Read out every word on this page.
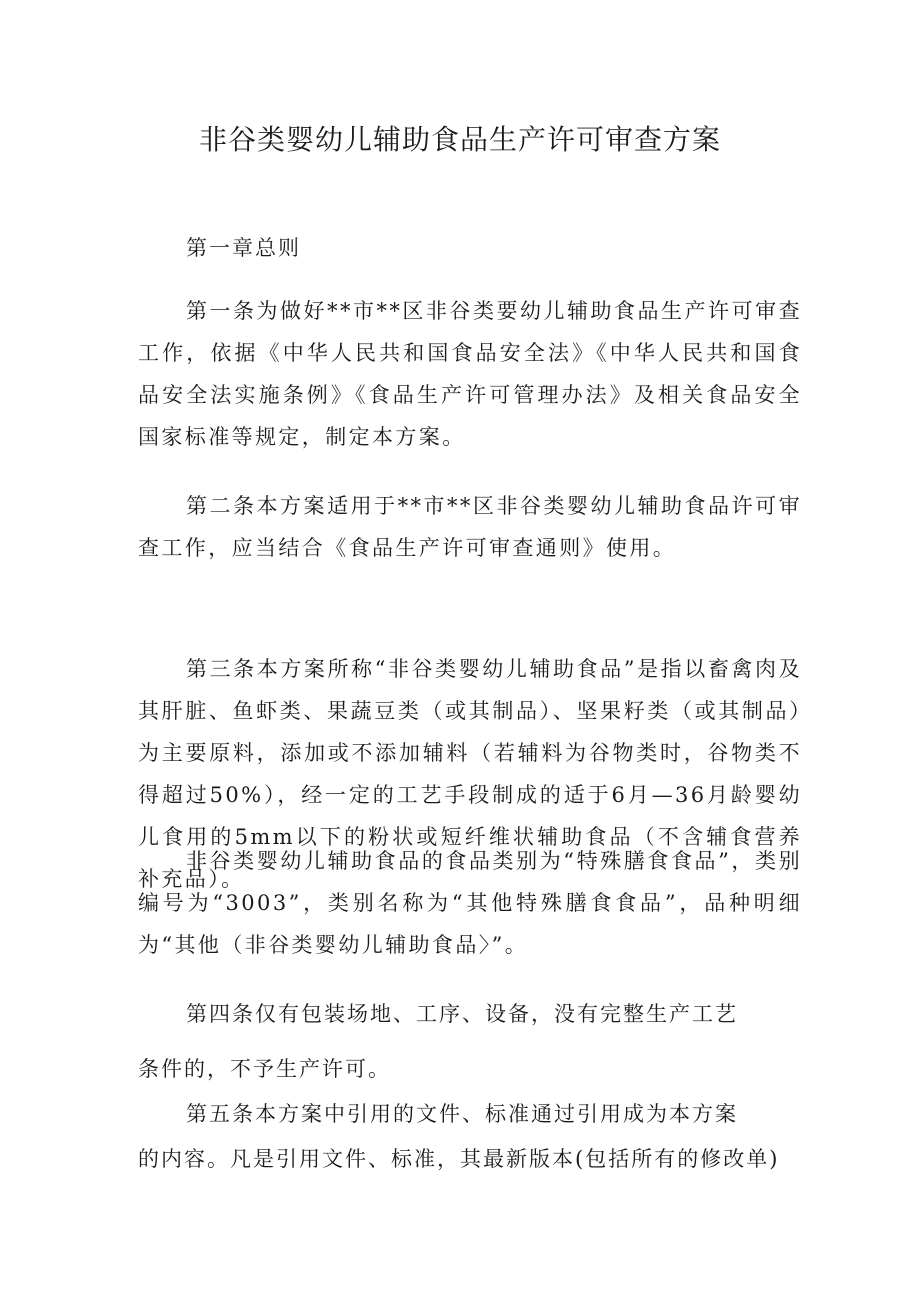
非谷类婴幼儿辅助食品生产许可审查方案

第一章总则

第一条为做好**市**区非谷类要幼儿辅助食品生产许可审查工作，依据《中华人民共和国食品安全法》《中华人民共和国食品安全法实施条例》《食品生产许可管理办法》及相关食品安全国家标准等规定，制定本方案。

第二条本方案适用于**市**区非谷类婴幼儿辅助食品许可审查工作，应当结合《食品生产许可审查通则》使用。

第三条本方案所称“非谷类婴幼儿辅助食品”是指以畜禽肉及其肝脏、鱼虾类、果蔬豆类（或其制品）、坚果籽类（或其制品）为主要原料，添加或不添加辅料（若辅料为谷物类时，谷物类不得超过50%），经一定的工艺手段制成的适于6月—36月龄婴幼儿食用的5mm以下的粉状或短纤维状辅助食品（不含辅食营养补充品）。

非谷类婴幼儿辅助食品的食品类别为“特殊膳食食品”，类别编号为“3003”，类别名称为“其他特殊膳食食品”，品种明细为“其他（非谷类婴幼儿辅助食品〉”。

第四条仅有包装场地、工序、设备，没有完整生产工艺

条件的，不予生产许可。

第五条本方案中引用的文件、标准通过引用成为本方案

的内容。凡是引用文件、标准，其最新版本(包括所有的修改单)
